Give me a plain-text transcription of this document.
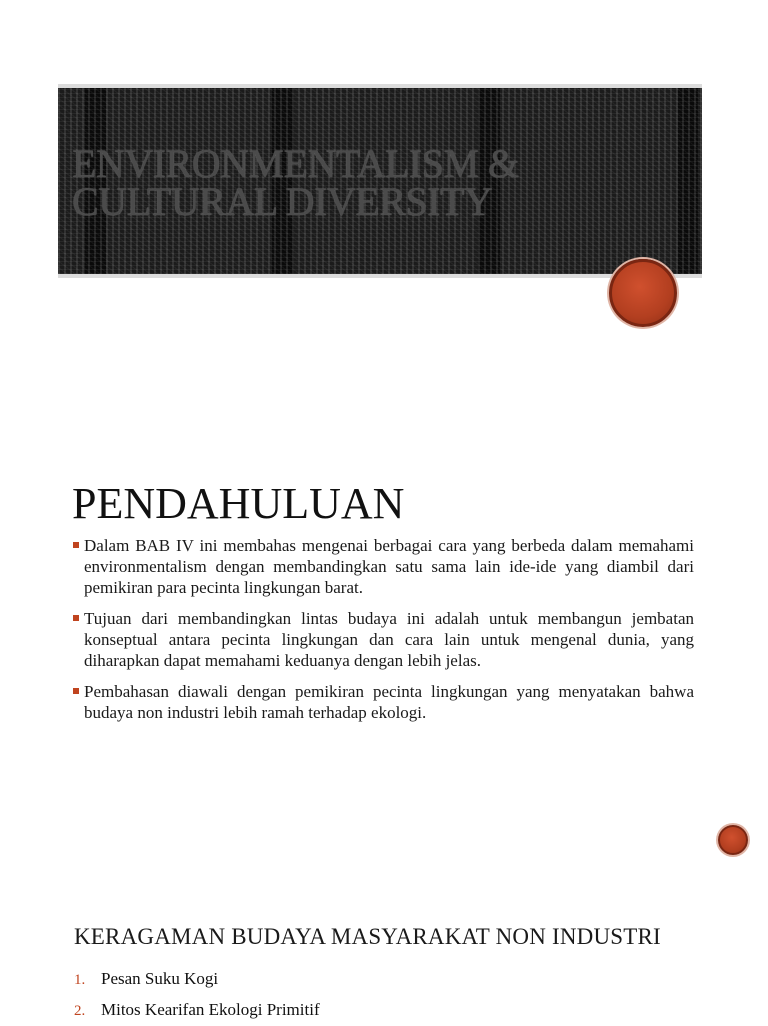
ENVIRONMENTALISM & CULTURAL DIVERSITY
PENDAHULUAN
Dalam BAB IV ini membahas mengenai berbagai cara yang berbeda dalam memahami environmentalism dengan membandingkan satu sama lain ide-ide yang diambil dari pemikiran para pecinta lingkungan barat.
Tujuan dari membandingkan lintas budaya ini adalah untuk membangun jembatan konseptual antara pecinta lingkungan dan cara lain untuk mengenal dunia, yang diharapkan dapat memahami keduanya dengan lebih jelas.
Pembahasan diawali dengan pemikiran pecinta lingkungan yang menyatakan bahwa budaya non industri lebih ramah terhadap ekologi.
KERAGAMAN BUDAYA MASYARAKAT NON INDUSTRI
1. Pesan Suku Kogi
2. Mitos Kearifan Ekologi Primitif
